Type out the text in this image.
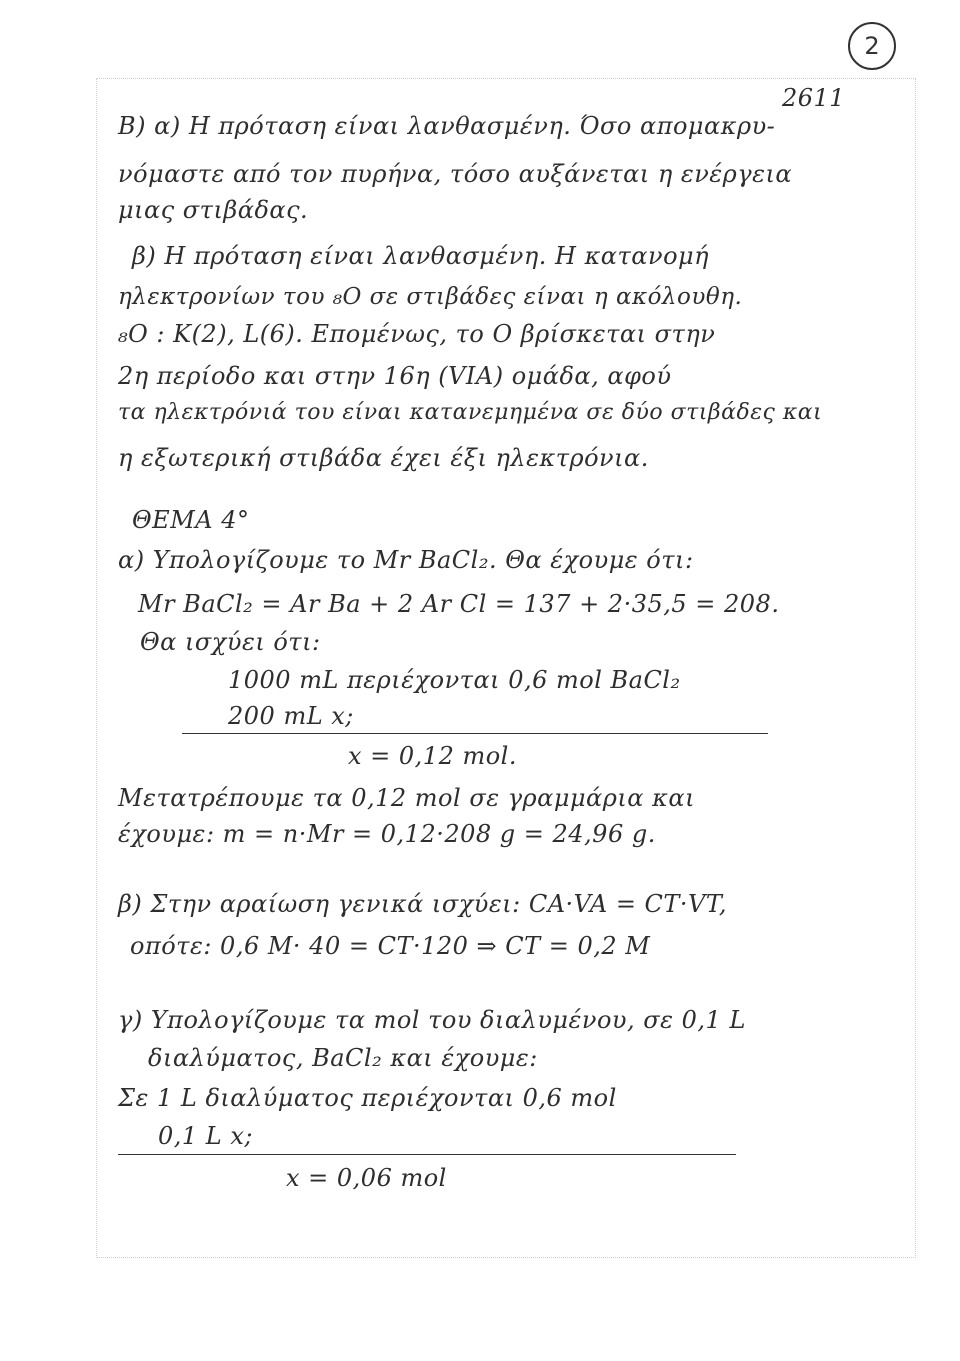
2
2611
Β) α) Η πρόταση είναι λανθασμένη. Όσο απομακρυ-
νόμαστε από τον πυρήνα, τόσο αυξάνεται η ενέργεια
μιας στιβάδας.
β) Η πρόταση είναι λανθασμένη. Η κατανομή
ηλεκτρονίων του ₈O σε στιβάδες είναι η ακόλουθη.
₈O : K(2), L(6). Επομένως, το O βρίσκεται στην
2η περίοδο και στην 16η (VIA) ομάδα, αφού
τα ηλεκτρόνιά του είναι κατανεμημένα σε δύο στιβάδες και
η εξωτερική στιβάδα έχει έξι ηλεκτρόνια.
ΘΕΜΑ 4°
α) Υπολογίζουμε το Mr BaCl₂. Θα έχουμε ότι:
Mr BaCl₂ = Ar Ba + 2 Ar Cl = 137 + 2·35,5 = 208.
Θα ισχύει ότι:
1000 mL περιέχονται 0,6 mol BaCl₂
200 mL x;
x = 0,12 mol.
Μετατρέπουμε τα 0,12 mol σε γραμμάρια και
έχουμε: m = n·Mr = 0,12·208 g = 24,96 g.
β) Στην αραίωση γενικά ισχύει: CA·VA = CT·VT,
οπότε: 0,6 M· 40 = CT·120 ⇒ CT = 0,2 M
γ) Υπολογίζουμε τα mol του διαλυμένου, σε 0,1 L
διαλύματος, BaCl₂ και έχουμε:
Σε 1 L διαλύματος περιέχονται 0,6 mol
0,1 L x;
x = 0,06 mol
